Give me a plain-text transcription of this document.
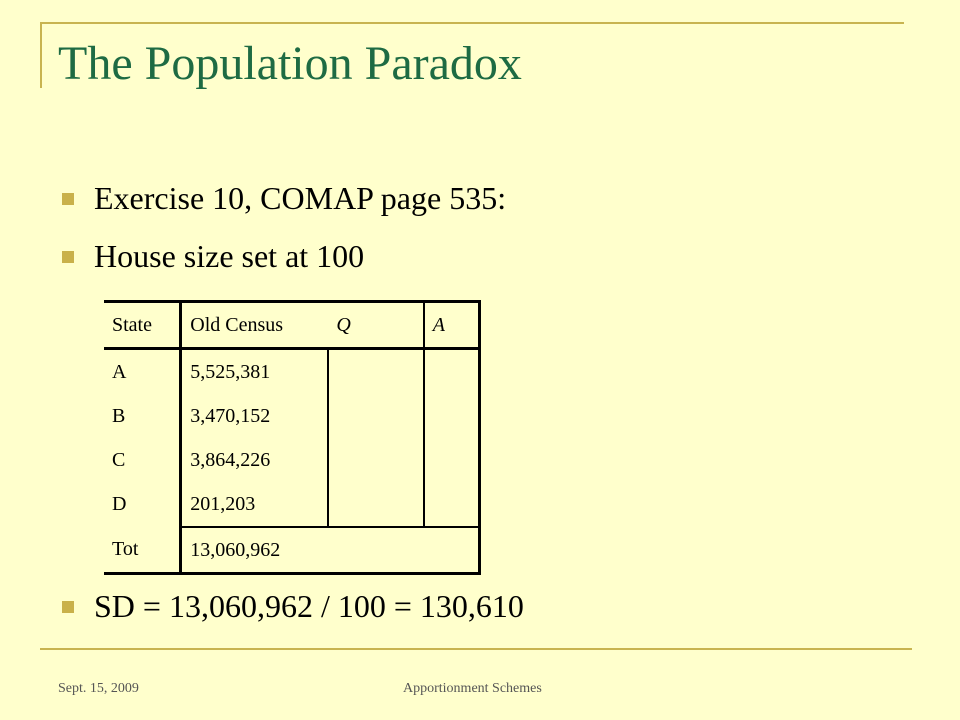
The Population Paradox
Exercise 10, COMAP page 535:
House size set at 100
State	Old Census	Q	A
A	5,525,381		
B	3,470,152		
C	3,864,226		
D	201,203		
Tot	13,060,962		
SD = 13,060,962 / 100 = 130,610
Sept. 15, 2009	Apportionment Schemes
